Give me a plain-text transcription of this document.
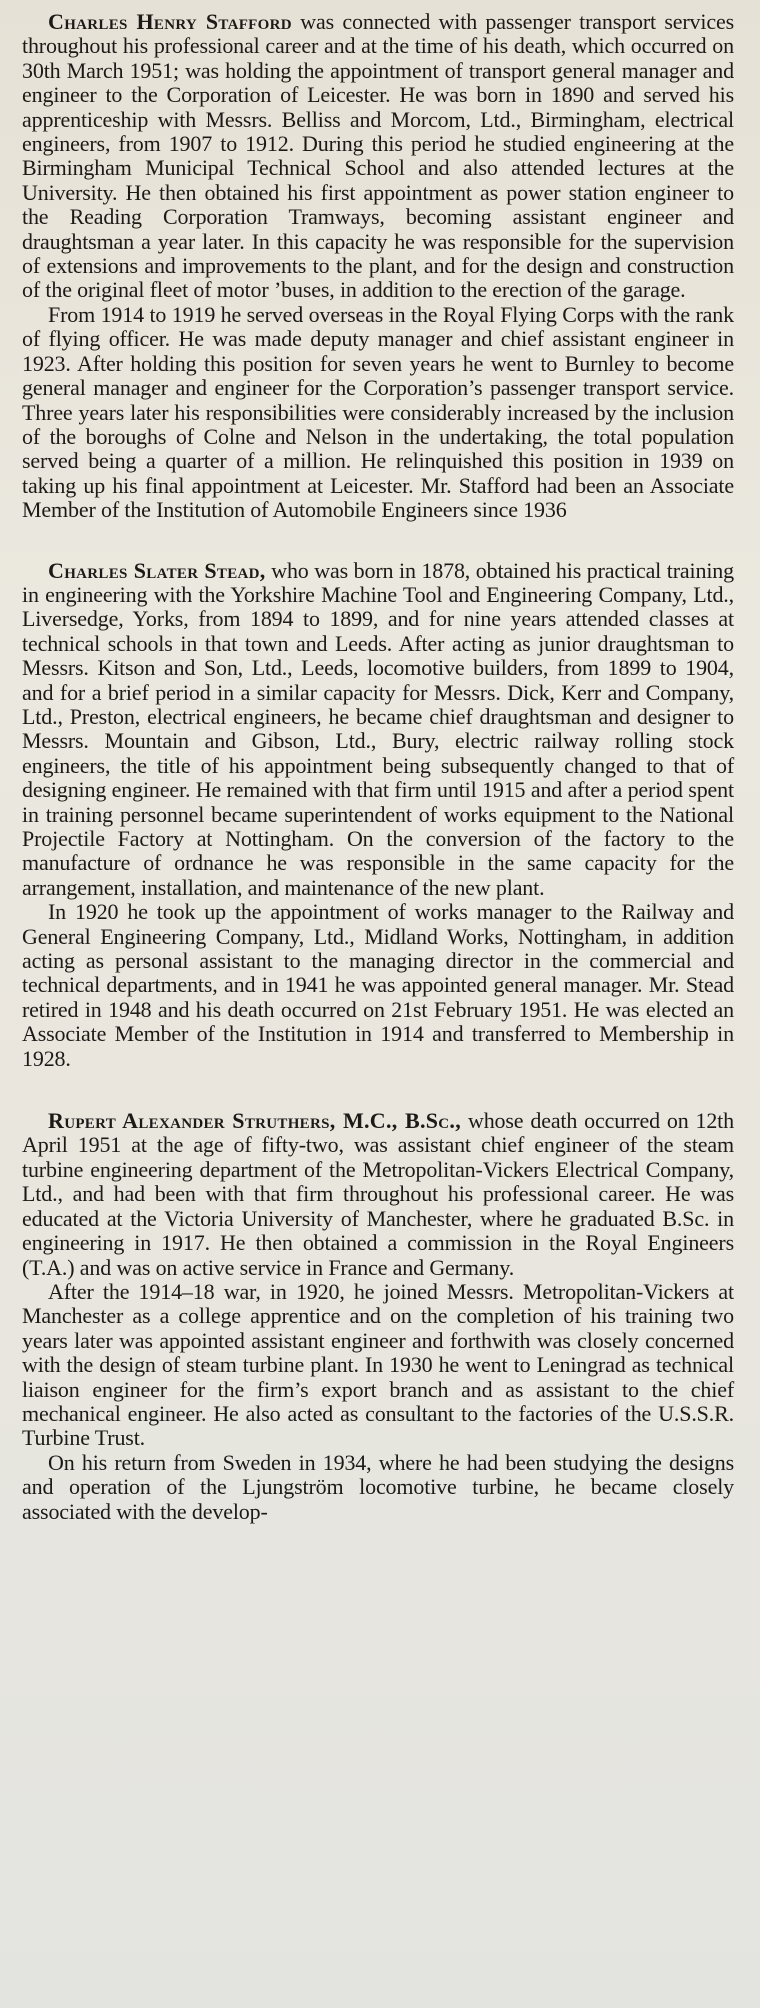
Charles Henry Stafford was connected with passenger transport services throughout his professional career and at the time of his death, which occurred on 30th March 1951; was holding the appointment of transport general manager and engineer to the Corporation of Leicester. He was born in 1890 and served his apprenticeship with Messrs. Belliss and Morcom, Ltd., Birmingham, electrical engineers, from 1907 to 1912. During this period he studied engineering at the Birmingham Municipal Technical School and also attended lectures at the University. He then obtained his first appointment as power station engineer to the Reading Corporation Tramways, becoming assistant engineer and draughtsman a year later. In this capacity he was responsible for the supervision of extensions and improvements to the plant, and for the design and construction of the original fleet of motor ’buses, in addition to the erection of the garage.

From 1914 to 1919 he served overseas in the Royal Flying Corps with the rank of flying officer. He was made deputy manager and chief assistant engineer in 1923. After holding this position for seven years he went to Burnley to become general manager and engineer for the Corporation’s passenger transport service. Three years later his responsibilities were considerably increased by the inclusion of the boroughs of Colne and Nelson in the undertaking, the total population served being a quarter of a million. He relinquished this position in 1939 on taking up his final appointment at Leicester. Mr. Stafford had been an Associate Member of the Institution of Automobile Engineers since 1936

Charles Slater Stead, who was born in 1878, obtained his practical training in engineering with the Yorkshire Machine Tool and Engineering Company, Ltd., Liversedge, Yorks, from 1894 to 1899, and for nine years attended classes at technical schools in that town and Leeds. After acting as junior draughtsman to Messrs. Kitson and Son, Ltd., Leeds, locomotive builders, from 1899 to 1904, and for a brief period in a similar capacity for Messrs. Dick, Kerr and Company, Ltd., Preston, electrical engineers, he became chief draughtsman and designer to Messrs. Mountain and Gibson, Ltd., Bury, electric railway rolling stock engineers, the title of his appointment being subsequently changed to that of designing engineer. He remained with that firm until 1915 and after a period spent in training personnel became superintendent of works equipment to the National Projectile Factory at Nottingham. On the conversion of the factory to the manufacture of ordnance he was responsible in the same capacity for the arrangement, installation, and maintenance of the new plant.

In 1920 he took up the appointment of works manager to the Railway and General Engineering Company, Ltd., Midland Works, Nottingham, in addition acting as personal assistant to the managing director in the commercial and technical departments, and in 1941 he was appointed general manager. Mr. Stead retired in 1948 and his death occurred on 21st February 1951. He was elected an Associate Member of the Institution in 1914 and transferred to Membership in 1928.

Rupert Alexander Struthers, M.C., B.Sc., whose death occurred on 12th April 1951 at the age of fifty-two, was assistant chief engineer of the steam turbine engineering department of the Metropolitan-Vickers Electrical Company, Ltd., and had been with that firm throughout his professional career. He was educated at the Victoria University of Manchester, where he graduated B.Sc. in engineering in 1917. He then obtained a commission in the Royal Engineers (T.A.) and was on active service in France and Germany.

After the 1914–18 war, in 1920, he joined Messrs. Metropolitan-Vickers at Manchester as a college apprentice and on the completion of his training two years later was appointed assistant engineer and forthwith was closely concerned with the design of steam turbine plant. In 1930 he went to Leningrad as technical liaison engineer for the firm’s export branch and as assistant to the chief mechanical engineer. He also acted as consultant to the factories of the U.S.S.R. Turbine Trust.

On his return from Sweden in 1934, where he had been studying the designs and operation of the Ljungström locomotive turbine, he became closely associated with the develop-
